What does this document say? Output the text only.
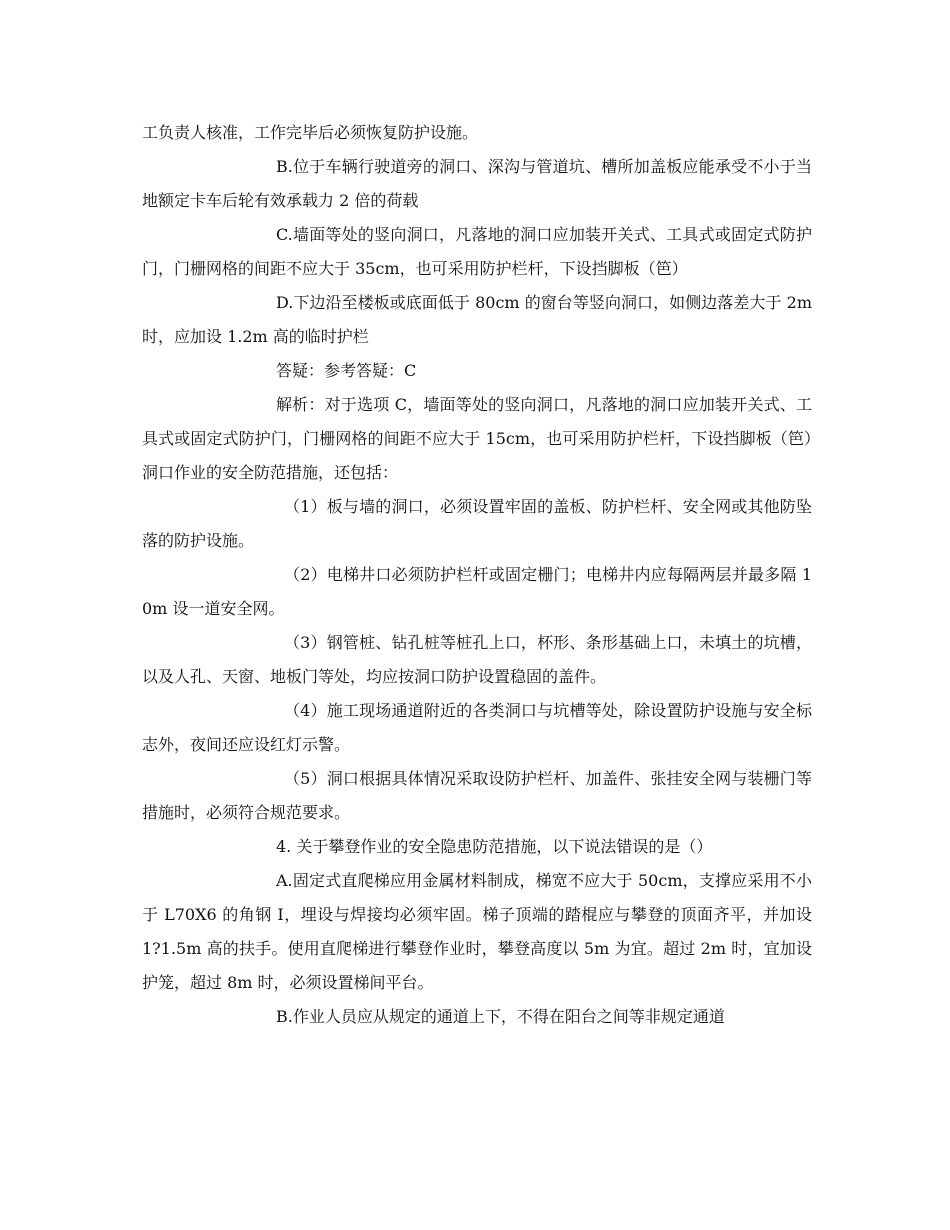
工负责人核准，工作完毕后必须恢复防护设施。

B.位于车辆行驶道旁的洞口、深沟与管道坑、槽所加盖板应能承受不小于当地额定卡车后轮有效承载力 2 倍的荷载

C.墙面等处的竖向洞口，凡落地的洞口应加装开关式、工具式或固定式防护门，门栅网格的间距不应大于 35cm，也可采用防护栏杆，下设挡脚板（笆）

D.下边沿至楼板或底面低于 80cm 的窗台等竖向洞口，如侧边落差大于 2m 时，应加设 1.2m 高的临时护栏

答疑：参考答疑：C

解析：对于选项 C，墙面等处的竖向洞口，凡落地的洞口应加装开关式、工具式或固定式防护门，门栅网格的间距不应大于 15cm，也可采用防护栏杆，下设挡脚板（笆）洞口作业的安全防范措施，还包括：

（1）板与墙的洞口，必须设置牢固的盖板、防护栏杆、安全网或其他防坠落的防护设施。

（2）电梯井口必须防护栏杆或固定栅门；电梯井内应每隔两层并最多隔 10m 设一道安全网。

（3）钢管桩、钻孔桩等桩孔上口，杯形、条形基础上口，未填土的坑槽，以及人孔、天窗、地板门等处，均应按洞口防护设置稳固的盖件。

（4）施工现场通道附近的各类洞口与坑槽等处，除设置防护设施与安全标志外，夜间还应设红灯示警。

（5）洞口根据具体情况采取设防护栏杆、加盖件、张挂安全网与装栅门等措施时，必须符合规范要求。

4. 关于攀登作业的安全隐患防范措施，以下说法错误的是（）

A.固定式直爬梯应用金属材料制成，梯宽不应大于 50cm，支撑应采用不小于 L70X6 的角钢 I，埋设与焊接均必须牢固。梯子顶端的踏棍应与攀登的顶面齐平，并加设 1?1.5m 高的扶手。使用直爬梯进行攀登作业时，攀登高度以 5m 为宜。超过 2m 时，宜加设护笼，超过 8m 时，必须设置梯间平台。

B.作业人员应从规定的通道上下，不得在阳台之间等非规定通道
